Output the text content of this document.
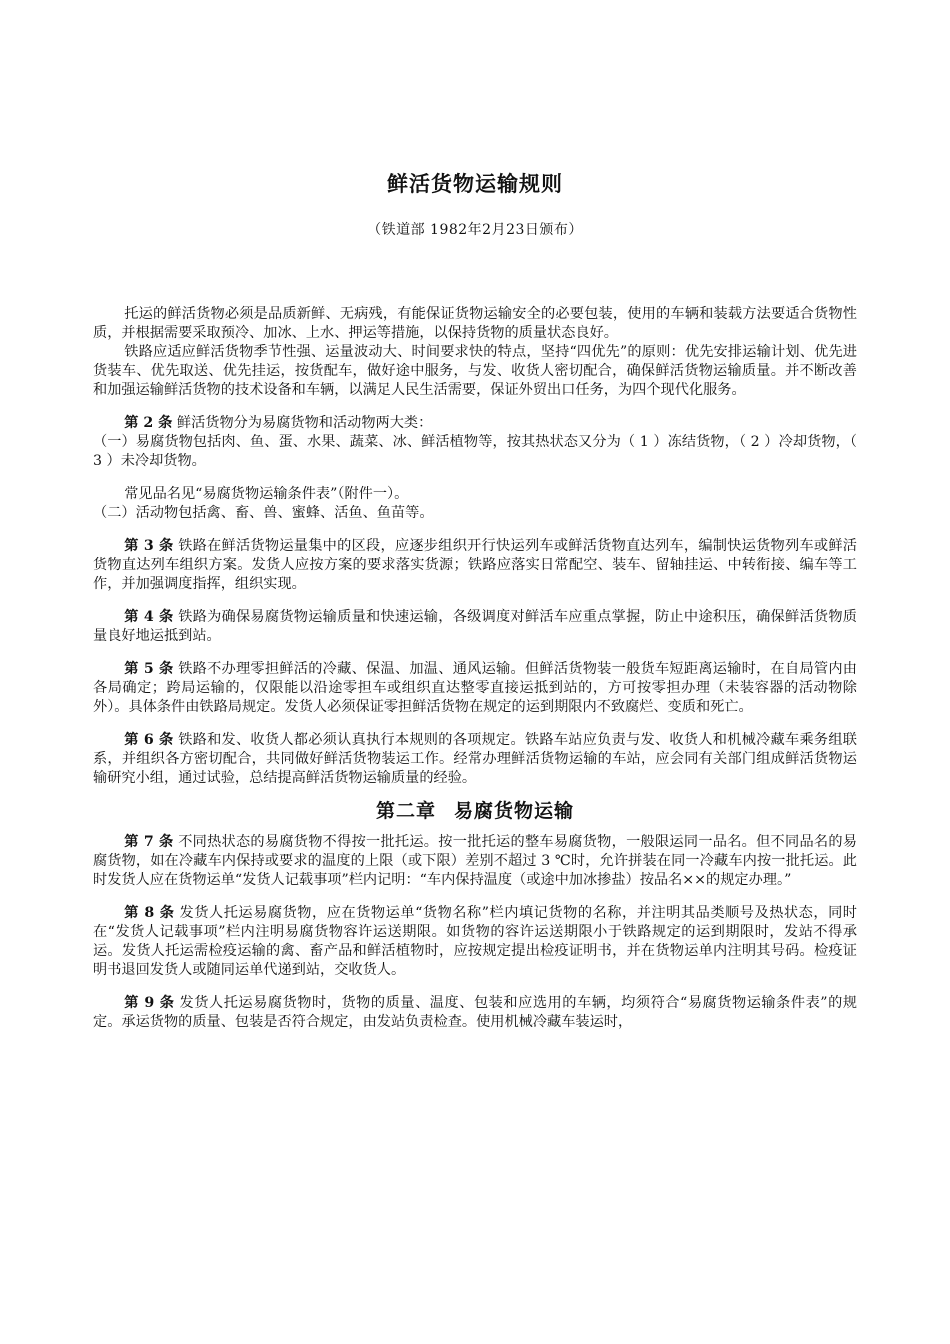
鲜活货物运输规则
（铁道部 1982年2月23日颁布）

托运的鲜活货物必须是品质新鲜、无病残，有能保证货物运输安全的必要包装，使用的车辆和装载方法要适合货物性质，并根据需要采取预冷、加冰、上水、押运等措施，以保持货物的质量状态良好。

铁路应适应鲜活货物季节性强、运量波动大、时间要求快的特点，坚持“四优先”的原则：优先安排运输计划、优先进货装车、优先取送、优先挂运，按货配车，做好途中服务，与发、收货人密切配合，确保鲜活货物运输质量。并不断改善和加强运输鲜活货物的技术设备和车辆，以满足人民生活需要，保证外贸出口任务，为四个现代化服务。

第 2 条 鲜活货物分为易腐货物和活动物两大类：

（一）易腐货物包括肉、鱼、蛋、水果、蔬菜、冰、鲜活植物等，按其热状态又分为（ 1 ）冻结货物，（ 2 ）冷却货物，（ 3 ）未冷却货物。

常见品名见“易腐货物运输条件表”（附件一）。

（二）活动物包括禽、畜、兽、蜜蜂、活鱼、鱼苗等。

第 3 条 铁路在鲜活货物运量集中的区段，应逐步组织开行快运列车或鲜活货物直达列车，编制快运货物列车或鲜活货物直达列车组织方案。发货人应按方案的要求落实货源；铁路应落实日常配空、装车、留轴挂运、中转衔接、编车等工作，并加强调度指挥，组织实现。

第 4 条 铁路为确保易腐货物运输质量和快速运输，各级调度对鲜活车应重点掌握，防止中途积压，确保鲜活货物质量良好地运抵到站。

第 5 条 铁路不办理零担鲜活的冷藏、保温、加温、通风运输。但鲜活货物装一般货车短距离运输时，在自局管内由各局确定；跨局运输的，仅限能以沿途零担车或组织直达整零直接运抵到站的，方可按零担办理（未装容器的活动物除外）。具体条件由铁路局规定。发货人必须保证零担鲜活货物在规定的运到期限内不致腐烂、变质和死亡。

第 6 条 铁路和发、收货人都必须认真执行本规则的各项规定。铁路车站应负责与发、收货人和机械冷藏车乘务组联系，并组织各方密切配合，共同做好鲜活货物装运工作。经常办理鲜活货物运输的车站，应会同有关部门组成鲜活货物运输研究小组，通过试验，总结提高鲜活货物运输质量的经验。

第二章 易腐货物运输

第 7 条 不同热状态的易腐货物不得按一批托运。按一批托运的整车易腐货物，一般限运同一品名。但不同品名的易腐货物，如在冷藏车内保持或要求的温度的上限（或下限）差别不超过 3 ℃时，允许拼装在同一冷藏车内按一批托运。此时发货人应在货物运单“发货人记载事项”栏内记明：“车内保持温度（或途中加冰掺盐）按品名××的规定办理。”

第 8 条 发货人托运易腐货物，应在货物运单“货物名称”栏内填记货物的名称，并注明其品类顺号及热状态，同时在“发货人记载事项”栏内注明易腐货物容许运送期限。如货物的容许运送期限小于铁路规定的运到期限时，发站不得承运。发货人托运需检疫运输的禽、畜产品和鲜活植物时，应按规定提出检疫证明书，并在货物运单内注明其号码。检疫证明书退回发货人或随同运单代递到站，交收货人。

第 9 条 发货人托运易腐货物时，货物的质量、温度、包装和应选用的车辆，均须符合“易腐货物运输条件表”的规定。承运货物的质量、包装是否符合规定，由发站负责检查。使用机械冷藏车装运时，
